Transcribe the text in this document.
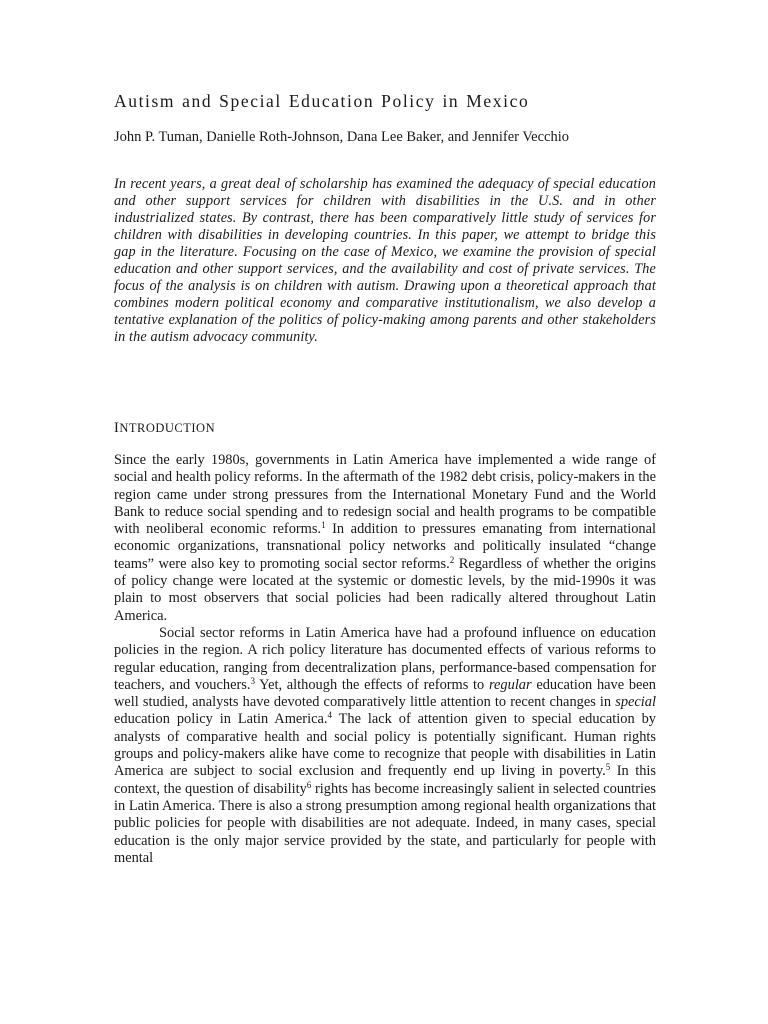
Autism and Special Education Policy in Mexico
John P. Tuman, Danielle Roth-Johnson, Dana Lee Baker, and Jennifer Vecchio
In recent years, a great deal of scholarship has examined the adequacy of special education and other support services for children with disabilities in the U.S. and in other industrialized states. By contrast, there has been comparatively little study of services for children with disabilities in developing countries. In this paper, we attempt to bridge this gap in the literature. Focusing on the case of Mexico, we examine the provision of special education and other support services, and the availability and cost of private services. The focus of the analysis is on children with autism. Drawing upon a theoretical approach that combines modern political economy and comparative institutionalism, we also develop a tentative explanation of the politics of policy-making among parents and other stakeholders in the autism advocacy community.
INTRODUCTION

Since the early 1980s, governments in Latin America have implemented a wide range of social and health policy reforms. In the aftermath of the 1982 debt crisis, policy-makers in the region came under strong pressures from the International Monetary Fund and the World Bank to reduce social spending and to redesign social and health programs to be compatible with neoliberal economic reforms.$^1$ In addition to pressures emanating from international economic organizations, transnational policy networks and politically insulated “change teams” were also key to promoting social sector reforms.$^2$ Regardless of whether the origins of policy change were located at the systemic or domestic levels, by the mid-1990s it was plain to most observers that social policies had been radically altered throughout Latin America.

Social sector reforms in Latin America have had a profound influence on education policies in the region. A rich policy literature has documented effects of various reforms to regular education, ranging from decentralization plans, performance-based compensation for teachers, and vouchers.$^3$ Yet, although the effects of reforms to regular education have been well studied, analysts have devoted comparatively little attention to recent changes in special education policy in Latin America.$^4$ The lack of attention given to special education by analysts of comparative health and social policy is potentially significant. Human rights groups and policy-makers alike have come to recognize that people with disabilities in Latin America are subject to social exclusion and frequently end up living in poverty.$^5$ In this context, the question of disability$^6$ rights has become increasingly salient in selected countries in Latin America. There is also a strong presumption among regional health organizations that public policies for people with disabilities are not adequate. Indeed, in many cases, special education is the only major service provided by the state, and particularly for people with mental
